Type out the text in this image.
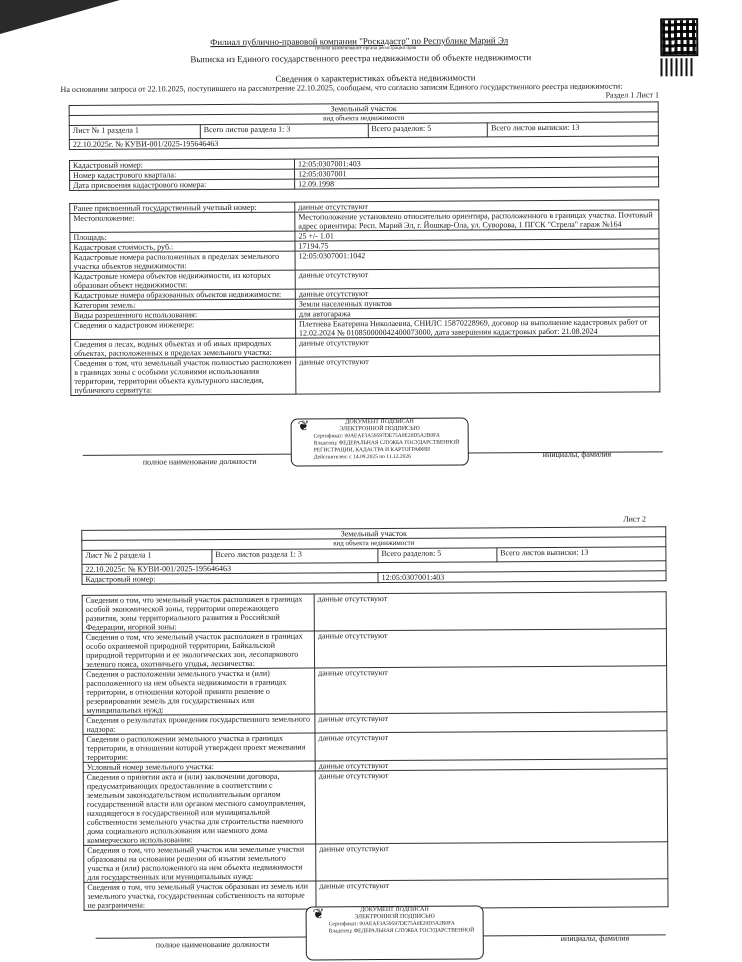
Филиал публично-правовой компании "Роскадастр" по Республике Марий Эл
полное наименование органа регистрации прав
Выписка из Единого государственного реестра недвижимости об объекте недвижимости
Сведения о характеристиках объекта недвижимости
На основании запроса от 22.10.2025, поступившего на рассмотрение 22.10.2025, сообщаем, что согласно записям Единого государственного реестра недвижимости:
Раздел 1 Лист 1
Земельный участок
вид объекта недвижимости
Лист № 1 раздела 1	Всего листов раздела 1: 3	Всего разделов: 5	Всего листов выписки: 13
22.10.2025г. № КУВИ-001/2025-195646463
Кадастровый номер:	12:05:0307001:403
Номер кадастрового квартала:	12:05:0307001
Дата присвоения кадастрового номера:	12.09.1998
Ранее присвоенный государственный учетный номер:	данные отсутствуют
Местоположение:	Местоположение установлено относительно ориентира, расположенного в границах участка. Почтовый адрес ориентира: Респ. Марий Эл, г. Йошкар-Ола, ул. Суворова, 1 ПГСК "Стрела" гараж №164
Площадь:	25 +/- 1.01
Кадастровая стоимость, руб.:	17194.75
Кадастровые номера расположенных в пределах земельного участка объектов недвижимости:	12:05:0307001:1042
Кадастровые номера объектов недвижимости, из которых образован объект недвижимости:	данные отсутствуют
Кадастровые номера образованных объектов недвижимости:	данные отсутствуют
Категория земель:	Земли населенных пунктов
Виды разрешенного использования:	для автогаража
Сведения о кадастровом инженере:	Плетнева Екатерина Николаевна, СНИЛС 15870228969, договор на выполнение кадастровых работ от 12.02.2024 № 010850000042400073000, дата завершения кадастровых работ: 21.08.2024
Сведения о лесах, водных объектах и об иных природных объектах, расположенных в пределах земельного участка:	данные отсутствуют
Сведения о том, что земельный участок полностью расположен в границах зоны с особыми условиями использования территории, территории объекта культурного наследия, публичного сервитута:	данные отсутствуют
полное наименование должности
инициалы, фамилия
❦	ДОКУМЕНТ ПОДПИСАН
ЭЛЕКТРОННОЙ ПОДПИСЬЮ
Сертификат: 00AEAF3A59597DE75A0E20D5A2B0FA
Владелец: ФЕДЕРАЛЬНАЯ СЛУЖБА ГОСУДАРСТВЕННОЙ
РЕГИСТРАЦИИ, КАДАСТРА И КАРТОГРАФИИ
Действителен: с 14.09.2025 по 11.12.2026
Лист 2
Земельный участок			
вид объекта недвижимости			
Лист № 2 раздела 1	Всего листов раздела 1: 3	Всего разделов: 5	Всего листов выписки: 13
22.10.2025г. № КУВИ-001/2025-195646463			
Кадастровый номер:		12:05:0307001:403	
Сведения о том, что земельный участок расположен в границах особой экономической зоны, территории опережающего развития, зоны территориального развития в Российской Федерации, игорной зоны:	данные отсутствуют
Сведения о том, что земельный участок расположен в границах особо охраняемой природной территории, Байкальской природной территории и ее экологических зон, лесопаркового зеленого пояса, охотничьего угодья, лесничества:	данные отсутствуют
Сведения о расположении земельного участка и (или) расположенного на нем объекта недвижимости в границах территории, в отношении которой принято решение о резервировании земель для государственных или муниципальных нужд:	данные отсутствуют
Сведения о результатах проведения государственного земельного надзора:	данные отсутствуют
Сведения о расположении земельного участка в границах территории, в отношении которой утвержден проект межевания территории:	данные отсутствуют
Условный номер земельного участка:	данные отсутствуют
Сведения о принятии акта и (или) заключении договора, предусматривающих предоставление в соответствии с земельным законодательством исполнительным органом государственной власти или органом местного самоуправления, находящегося в государственной или муниципальной собственности земельного участка для строительства наемного дома социального использования или наемного дома коммерческого использования:	данные отсутствуют
Сведения о том, что земельный участок или земельные участки образованы на основании решения об изъятии земельного участка и (или) расположенного на нем объекта недвижимости для государственных или муниципальных нужд:	данные отсутствуют
Сведения о том, что земельный участок образован из земель или земельного участка, государственная собственность на которые не разграничена:	данные отсутствуют
полное наименование должности
инициалы, фамилия
❦	ДОКУМЕНТ ПОДПИСАН
ЭЛЕКТРОННОЙ ПОДПИСЬЮ
Сертификат: 00AEAF3A59597DE75A0E20D5A2B0FA
Владелец: ФЕДЕРАЛЬНАЯ СЛУЖБА ГОСУДАРСТВЕННОЙ
